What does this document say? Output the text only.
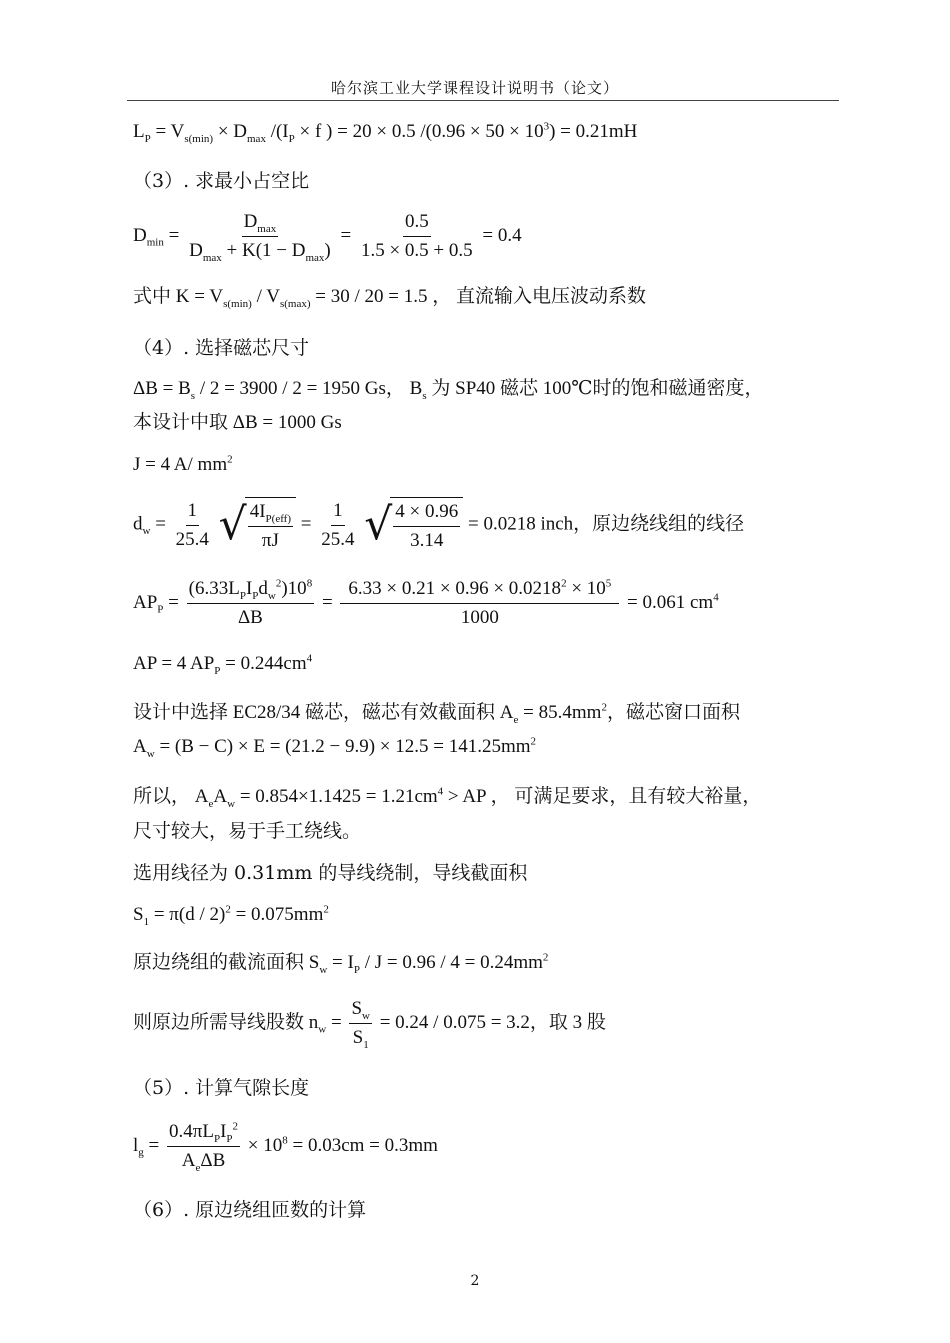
哈尔滨工业大学课程设计说明书（论文）
$L_P = V_{s(min)} \times D_{max}$ $/(I_P \times f$ ) = 20 × 0.5 $/(0.96 \times 50 \times 10^3) = 0.21mH$
（3）. 求最小占空比
$D_{min} = \frac{D_{max}}{D_{max} + K(1 - D_{max})} = \frac{0.5}{1.5 \times 0.5 + 0.5} = 0.4$
式中 $K = V_{s(min)} / V_{s(max)} = 30 / 20 = 1.5$ ， 直流输入电压波动系数
（4）. 选择磁芯尺寸
$\Delta B = B_s / 2 = 3900 / 2 = 1950$ Gs， $B_s$ 为 SP40 磁芯 100℃时的饱和磁通密度，
本设计中取 ΔB = 1000 Gs
J = 4 A/ $mm^2$
$d_w = \frac{1}{25.4}$
√ $\frac{4I_{P(eff)}}{\pi J} = \frac{1}{25.4}$
√ $\frac{4 \times 0.96}{3.14} = 0.0218$ inch，原边绕线组的线径
$AP_P = \frac{(6.33L_PI_Pd_w^2)10^8}{\Delta B} = \frac{6.33 \times 0.21 \times 0.96 \times 0.0218^2 \times 10^5}{1000} = 0.061$ $cm^4$
AP = 4 $AP_P = 0.244cm^4$
设计中选择 EC28/34 磁芯，磁芯有效截面积 $A_e = 85.4mm^2$，磁芯窗口面积
$A_w = (B - C) \times E = (21.2 - 9.9) \times 12.5 = 141.25mm^2$
所以， $A_eA_w = 0.854\times 1.1425 = 1.21cm^4$ > AP ， 可满足要求，且有较大裕量，
尺寸较大，易于手工绕线。
选用线径为 0.31mm 的导线绕制，导线截面积
$S_1 = \pi(d / 2)^2 = 0.075mm^2$
原边绕组的截流面积 $S_w = I_P / J = 0.96 / 4 = 0.24mm^2$
则原边所需导线股数 $n_w = \frac{S_w}{S_1} = 0.24 / 0.075 = 3.2$，取 3 股
（5）. 计算气隙长度
$l_g = \frac{0.4\pi L_PI_P^2}{A_e\Delta B} \times 10^8 = 0.03cm = 0.3mm$
（6）. 原边绕组匝数的计算
2
